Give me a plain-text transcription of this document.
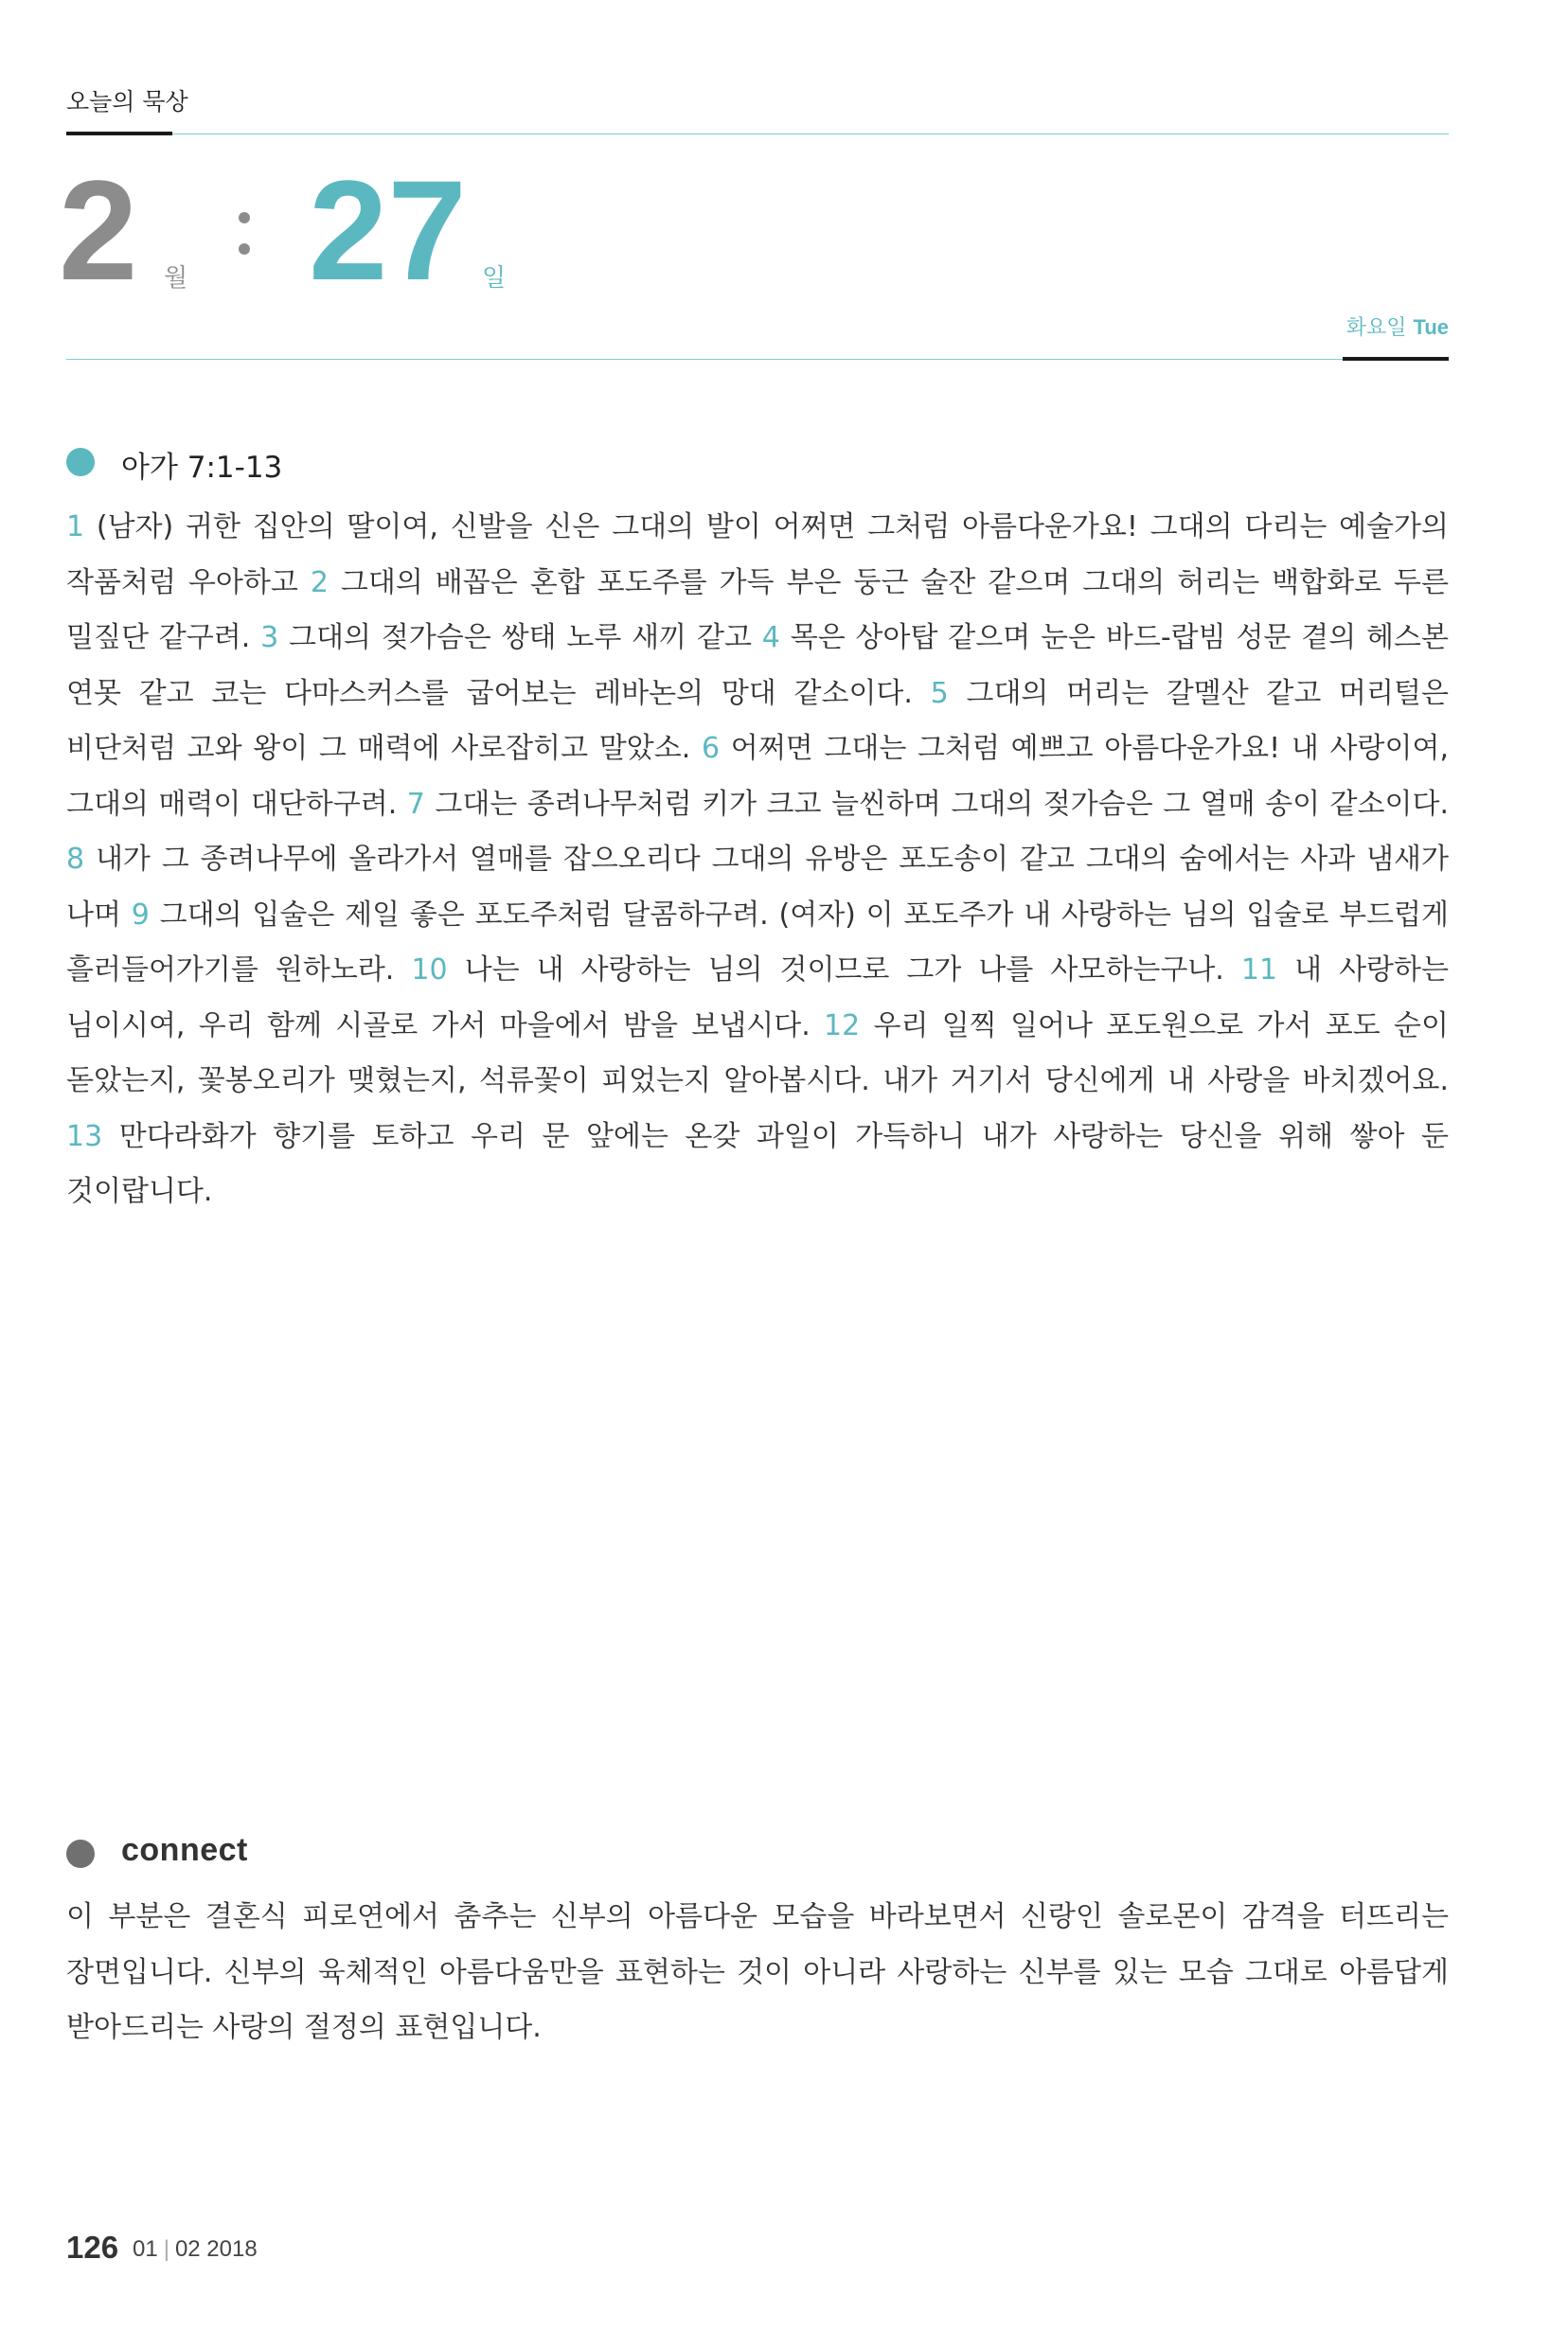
오늘의 묵상
2 월 27 일
화요일 Tue
아가 7:1-13

1 (남자) 귀한 집안의 딸이여, 신발을 신은 그대의 발이 어쩌면 그처럼 아름다운가요! 그대의 다리는 예술가의 작품처럼 우아하고 2 그대의 배꼽은 혼합 포도주를 가득 부은 둥근 술잔 같으며 그대의 허리는 백합화로 두른 밀짚단 같구려. 3 그대의 젖가슴은 쌍태 노루 새끼 같고 4 목은 상아탑 같으며 눈은 바드-랍빔 성문 곁의 헤스본 연못 같고 코는 다마스커스를 굽어보는 레바논의 망대 같소이다. 5 그대의 머리는 갈멜산 같고 머리털은 비단처럼 고와 왕이 그 매력에 사로잡히고 말았소. 6 어쩌면 그대는 그처럼 예쁘고 아름다운가요! 내 사랑이여, 그대의 매력이 대단하구려. 7 그대는 종려나무처럼 키가 크고 늘씬하며 그대의 젖가슴은 그 열매 송이 같소이다. 8 내가 그 종려나무에 올라가서 열매를 잡으오리다 그대의 유방은 포도송이 같고 그대의 숨에서는 사과 냄새가 나며 9 그대의 입술은 제일 좋은 포도주처럼 달콤하구려. (여자) 이 포도주가 내 사랑하는 님의 입술로 부드럽게 흘러들어가기를 원하노라. 10 나는 내 사랑하는 님의 것이므로 그가 나를 사모하는구나. 11 내 사랑하는 님이시여, 우리 함께 시골로 가서 마을에서 밤을 보냅시다. 12 우리 일찍 일어나 포도원으로 가서 포도 순이 돋았는지, 꽃봉오리가 맺혔는지, 석류꽃이 피었는지 알아봅시다. 내가 거기서 당신에게 내 사랑을 바치겠어요. 13 만다라화가 향기를 토하고 우리 문 앞에는 온갖 과일이 가득하니 내가 사랑하는 당신을 위해 쌓아 둔 것이랍니다.

connect

이 부분은 결혼식 피로연에서 춤추는 신부의 아름다운 모습을 바라보면서 신랑인 솔로몬이 감격을 터뜨리는 장면입니다. 신부의 육체적인 아름다움만을 표현하는 것이 아니라 사랑하는 신부를 있는 모습 그대로 아름답게 받아드리는 사랑의 절정의 표현입니다.

126 01 | 02 2018
